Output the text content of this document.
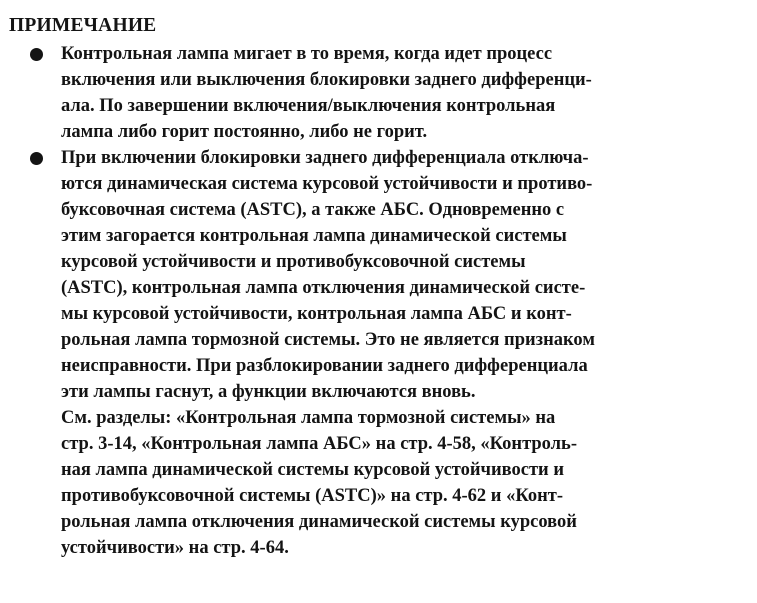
ПРИМЕЧАНИЕ
Контрольная лампа мигает в то время, когда идет процесс
включения или выключения блокировки заднего дифференци-
ала. По завершении включения/выключения контрольная
лампа либо горит постоянно, либо не горит.
При включении блокировки заднего дифференциала отключа-
ются динамическая система курсовой устойчивости и противо-
буксовочная система (ASTC), а также АБС. Одновременно с
этим загорается контрольная лампа динамической системы
курсовой устойчивости и противобуксовочной системы
(ASTC), контрольная лампа отключения динамической систе-
мы курсовой устойчивости, контрольная лампа АБС и конт-
рольная лампа тормозной системы. Это не является признаком
неисправности. При разблокировании заднего дифференциала
эти лампы гаснут, а функции включаются вновь.
См. разделы: «Контрольная лампа тормозной системы» на
стр. 3-14, «Контрольная лампа АБС» на стр. 4-58, «Контроль-
ная лампа динамической системы курсовой устойчивости и
противобуксовочной системы (ASTC)» на стр. 4-62 и «Конт-
рольная лампа отключения динамической системы курсовой
устойчивости» на стр. 4-64.
